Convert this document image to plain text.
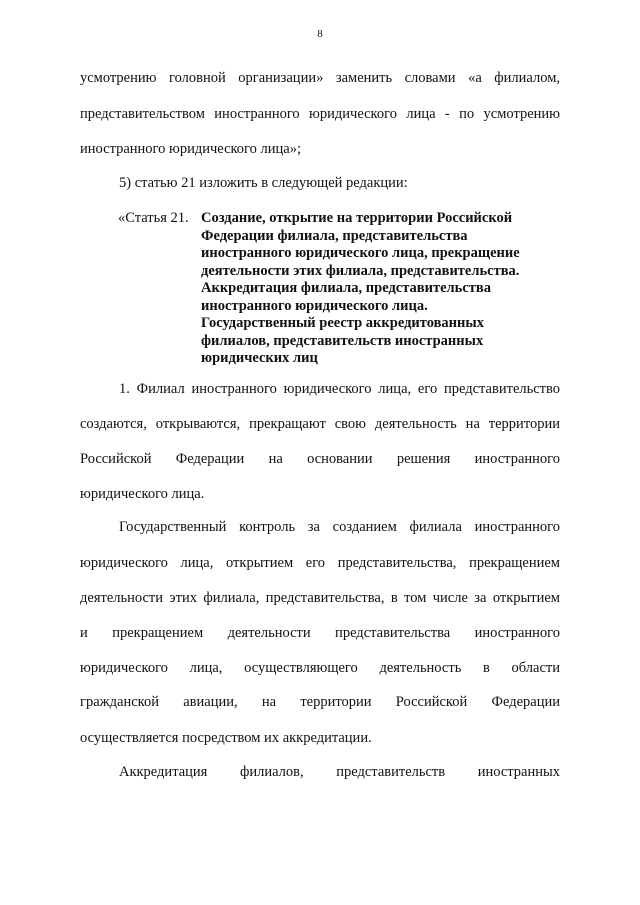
8
усмотрению головной организации» заменить словами «а филиалом,
представительством иностранного юридического лица - по усмотрению
иностранного юридического лица»;
5) статью 21 изложить в следующей редакции:
«Статья 21. Создание, открытие на территории Российской
Федерации филиала, представительства
иностранного юридического лица, прекращение
деятельности этих филиала, представительства.
Аккредитация филиала, представительства
иностранного юридического лица.
Государственный реестр аккредитованных
филиалов, представительств иностранных
юридических лиц
1. Филиал иностранного юридического лица, его представительство
создаются, открываются, прекращают свою деятельность на территории
Российской Федерации на основании решения иностранного
юридического лица.
Государственный контроль за созданием филиала иностранного
юридического лица, открытием его представительства, прекращением
деятельности этих филиала, представительства, в том числе за открытием
и прекращением деятельности представительства иностранного
юридического лица, осуществляющего деятельность в области
гражданской авиации, на территории Российской Федерации
осуществляется посредством их аккредитации.
Аккредитация филиалов, представительств иностранных
